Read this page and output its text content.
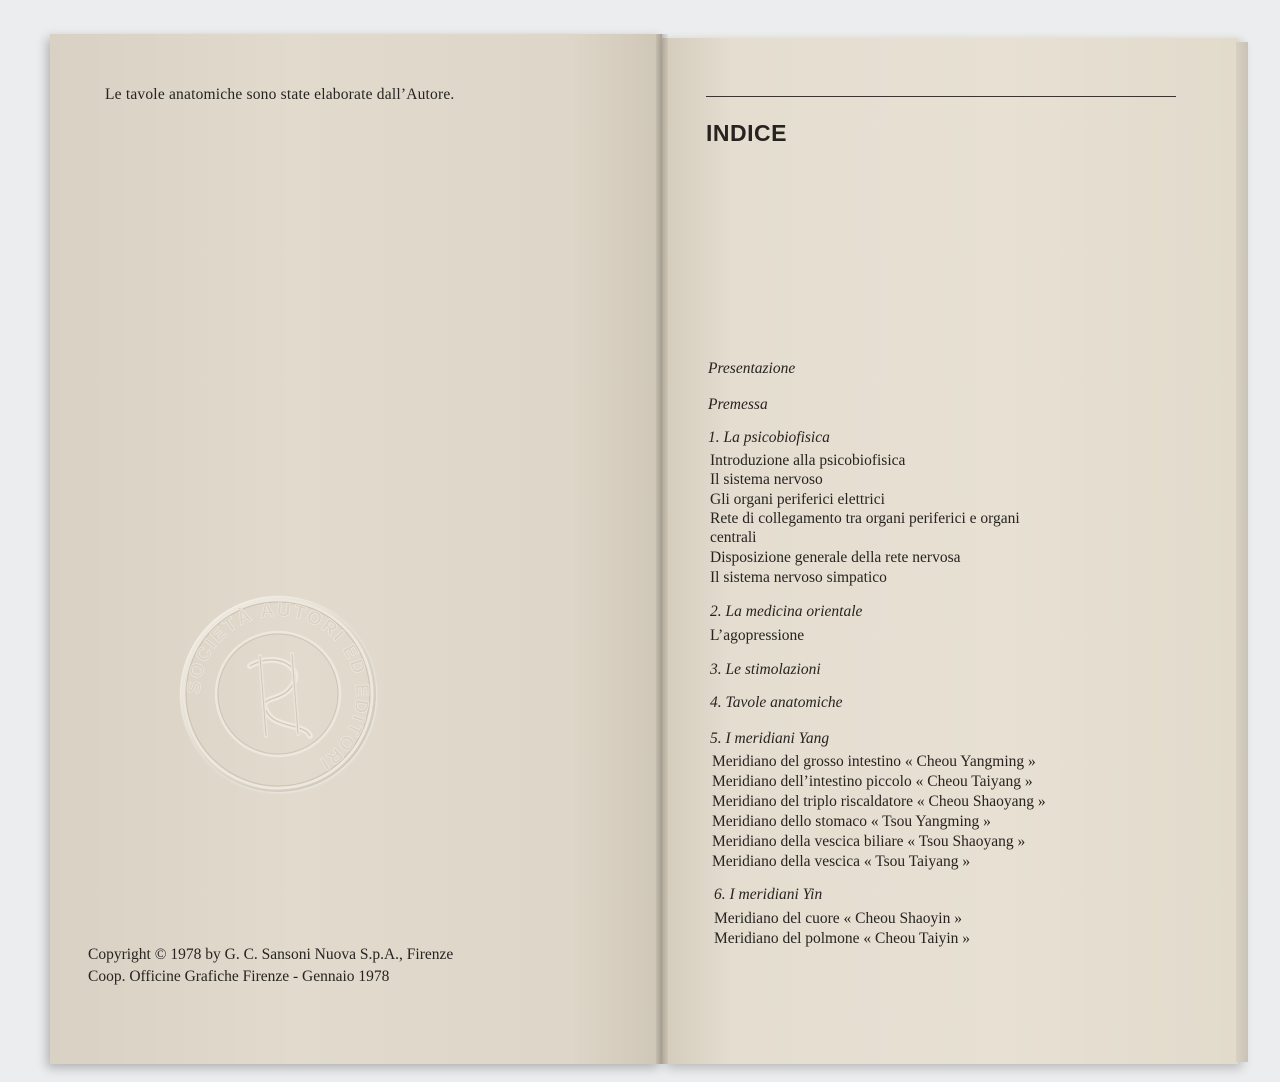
Le tavole anatomiche sono state elaborate dall’Autore.
SOCIETÀ AUTORI ED EDITORI
Copyright © 1978 by G. C. Sansoni Nuova S.p.A., Firenze
Coop. Officine Grafiche Firenze - Gennaio 1978
INDICE
Presentazione
Premessa
1. La psicobiofisica
Introduzione alla psicobiofisica
Il sistema nervoso
Gli organi periferici elettrici
Rete di collegamento tra organi periferici e organi
centrali
Disposizione generale della rete nervosa
Il sistema nervoso simpatico
2. La medicina orientale
L’agopressione
3. Le stimolazioni
4. Tavole anatomiche
5. I meridiani Yang
Meridiano del grosso intestino « Cheou Yangming »
Meridiano dell’intestino piccolo « Cheou Taiyang »
Meridiano del triplo riscaldatore « Cheou Shaoyang »
Meridiano dello stomaco « Tsou Yangming »
Meridiano della vescica biliare « Tsou Shaoyang »
Meridiano della vescica « Tsou Taiyang »
6. I meridiani Yin
Meridiano del cuore « Cheou Shaoyin »
Meridiano del polmone « Cheou Taiyin »
